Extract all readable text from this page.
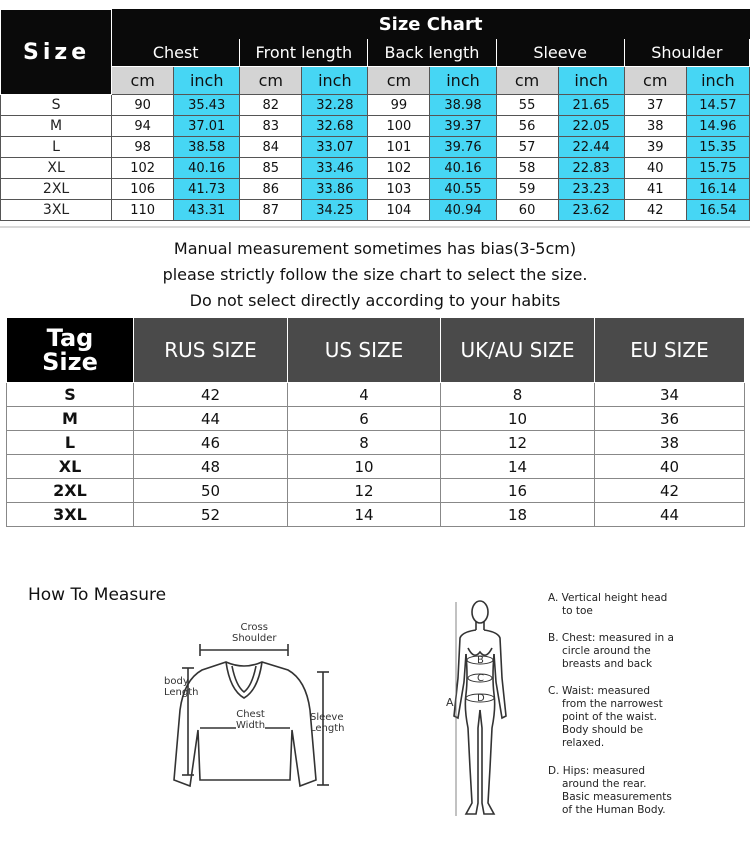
Size	Size Chart									
	Chest		Front length		Back length		Sleeve		Shoulder	
	cm	inch	cm	inch	cm	inch	cm	inch	cm	inch
S	90	35.43	82	32.28	99	38.98	55	21.65	37	14.57
M	94	37.01	83	32.68	100	39.37	56	22.05	38	14.96
L	98	38.58	84	33.07	101	39.76	57	22.44	39	15.35
XL	102	40.16	85	33.46	102	40.16	58	22.83	40	15.75
2XL	106	41.73	86	33.86	103	40.55	59	23.23	41	16.14
3XL	110	43.31	87	34.25	104	40.94	60	23.62	42	16.54
Manual measurement sometimes has bias(3-5cm)
please strictly follow the size chart to select the size.
Do not select directly according to your habits
Tag
Size	RUS SIZE	US SIZE	UK/AU SIZE	EU SIZE
S	42	4	8	34
M	44	6	10	36
L	46	8	12	38
XL	48	10	14	40
2XL	50	12	16	42
3XL	52	14	18	44
How To Measure
Cross
Shoulder
body
Length
Chest
Width
Sleeve
Length
A
B
C
D
A. Vertical height head
to toe
B. Chest: measured in a
circle around the
breasts and back
C. Waist: measured
from the narrowest
point of the waist.
Body should be
relaxed.
D. Hips: measured
around the rear.
Basic measurements
of the Human Body.
